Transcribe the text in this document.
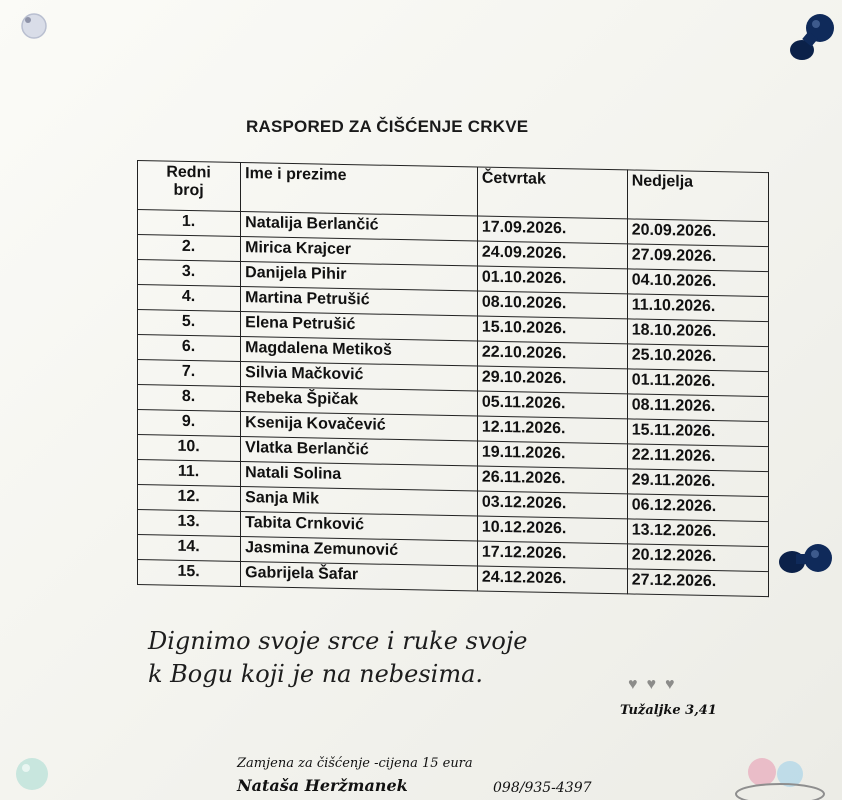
RASPORED ZA ČIŠĆENJE CRKVE
Redni
broj	Ime i prezime	Četvrtak	Nedjelja
1.	Natalija Berlančić	17.09.2026.	20.09.2026.
2.	Mirica Krajcer	24.09.2026.	27.09.2026.
3.	Danijela Pihir	01.10.2026.	04.10.2026.
4.	Martina Petrušić	08.10.2026.	11.10.2026.
5.	Elena Petrušić	15.10.2026.	18.10.2026.
6.	Magdalena Metikoš	22.10.2026.	25.10.2026.
7.	Silvia Mačković	29.10.2026.	01.11.2026.
8.	Rebeka Špičak	05.11.2026.	08.11.2026.
9.	Ksenija Kovačević	12.11.2026.	15.11.2026.
10.	Vlatka Berlančić	19.11.2026.	22.11.2026.
11.	Natali Solina	26.11.2026.	29.11.2026.
12.	Sanja Mik	03.12.2026.	06.12.2026.
13.	Tabita Crnković	10.12.2026.	13.12.2026.
14.	Jasmina Zemunović	17.12.2026.	20.12.2026.
15.	Gabrijela Šafar	24.12.2026.	27.12.2026.
Dignimo svoje srce i ruke svoje
k Bogu koji je na nebesima.	♥ ♥ ♥
Tužaljke 3,41
Zamjena za čišćenje -cijena 15 eura
Nataša Heržmanek	098/935-4397
